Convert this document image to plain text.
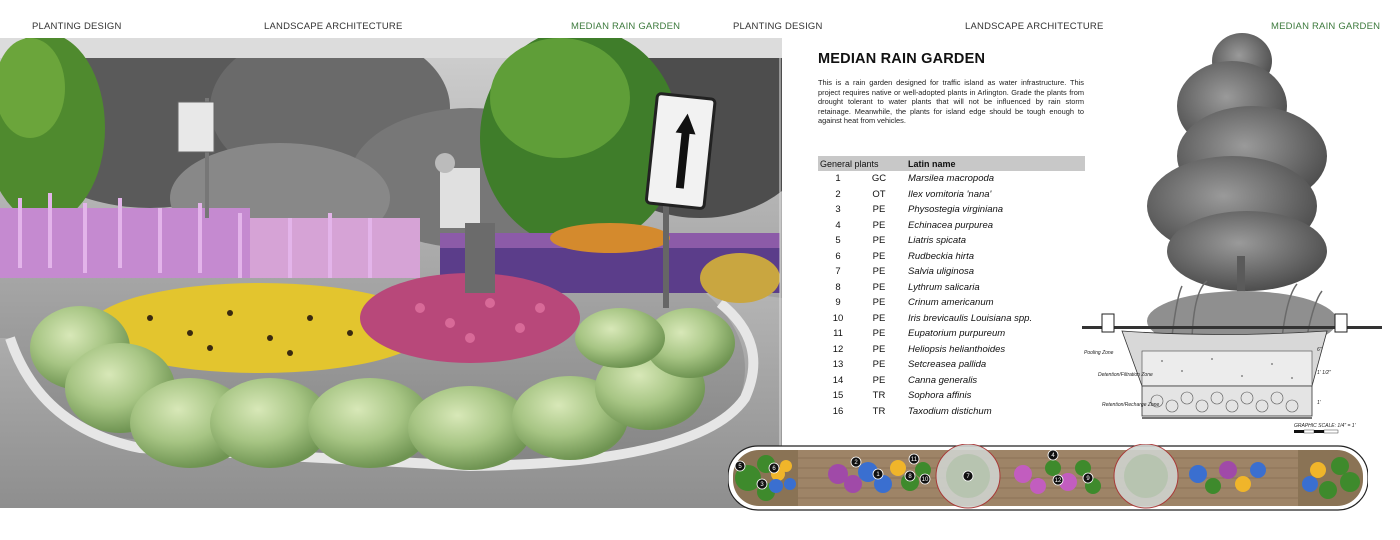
PLANTING DESIGN	LANDSCAPE ARCHITECTURE	MEDIAN RAIN GARDEN	PLANTING DESIGN	LANDSCAPE ARCHITECTURE	MEDIAN RAIN GARDEN
MEDIAN RAIN GARDEN
This is a rain garden designed for traffic island as water infrastructure. This project requires native or well-adopted plants in Arlington. Grade the plants from drought tolerant to water plants that will not be influenced by rain storm retainage. Meanwhile, the plants for island edge should be tough enough to against heat from vehicles.
General plants		Latin name
1	GC	Marsilea macropoda
2	OT	Ilex vomitoria 'nana'
3	PE	Physostegia virginiana
4	PE	Echinacea purpurea
5	PE	Liatris spicata
6	PE	Rudbeckia hirta
7	PE	Salvia uliginosa
8	PE	Lythrum salicaria
9	PE	Crinum americanum
10	PE	Iris brevicaulis Louisiana spp.
11	PE	Eupatorium purpureum
12	PE	Heliopsis helianthoides
13	PE	Setcreasea pallida
14	PE	Canna generalis
15	TR	Sophora affinis
16	TR	Taxodium distichum
Pooling Zone
Detention/Filtration Zone
Retention/Recharge Zone
6"
1' 1/2"
1'
GRAPHIC SCALE: 1/4" = 1'
5	6
3
2
1
11
8 10	7
4
12	9
